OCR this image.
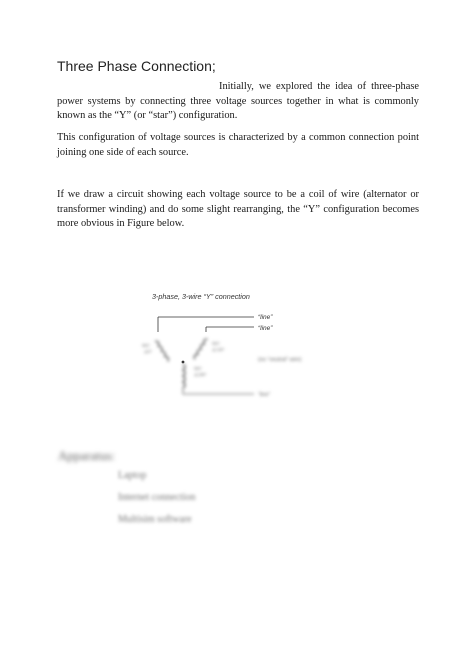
Three Phase Connection;
Initially, we explored the idea of three-phase power systems by connecting three voltage sources together in what is commonly known as the “Y” (or “star”) configuration.
This configuration of voltage sources is characterized by a common connection point joining one side of each source.
If we draw a circuit showing each voltage source to be a coil of wire (alternator or transformer winding) and do some slight rearranging, the “Y” configuration becomes more obvious in Figure below.
3-phase, 3-wire “Y” connection
90V
∠0°
90V
∠120°
90V
∠240°
“line”
“line”
(no “neutral” wire)
“line”
Apparatus:
Laptop
Internet connection
Multisim software
